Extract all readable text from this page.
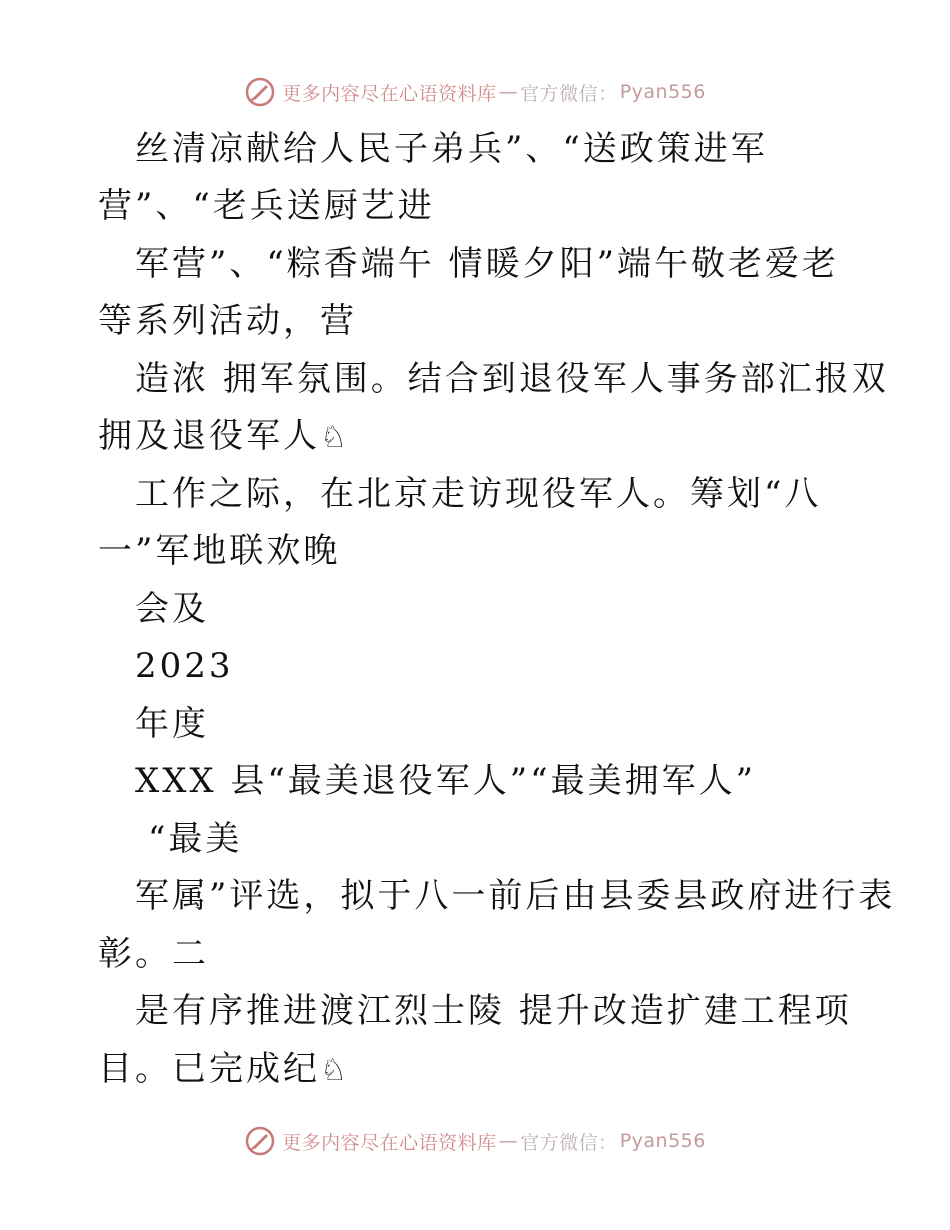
更多内容尽在心语资料库 — 官方微信： Pyan556
丝清凉献给人民子弟兵”、“送政策进军
营”、“老兵送厨艺进
军营”、“粽香端午 情暖夕阳”端午敬老爱老
等系列活动，营
造浓 拥军氛围。结合到退役军人事务部汇报双
拥及退役军人♘
工作之际，在北京走访现役军人。筹划“八
一”军地联欢晚
会及
2023
年度
XXX 县“最美退役军人”“最美拥军人”
“最美
军属”评选，拟于八一前后由县委县政府进行表
彰。二
是有序推进渡江烈士陵 提升改造扩建工程项
目。已完成纪♘
更多内容尽在心语资料库 — 官方微信： Pyan556
